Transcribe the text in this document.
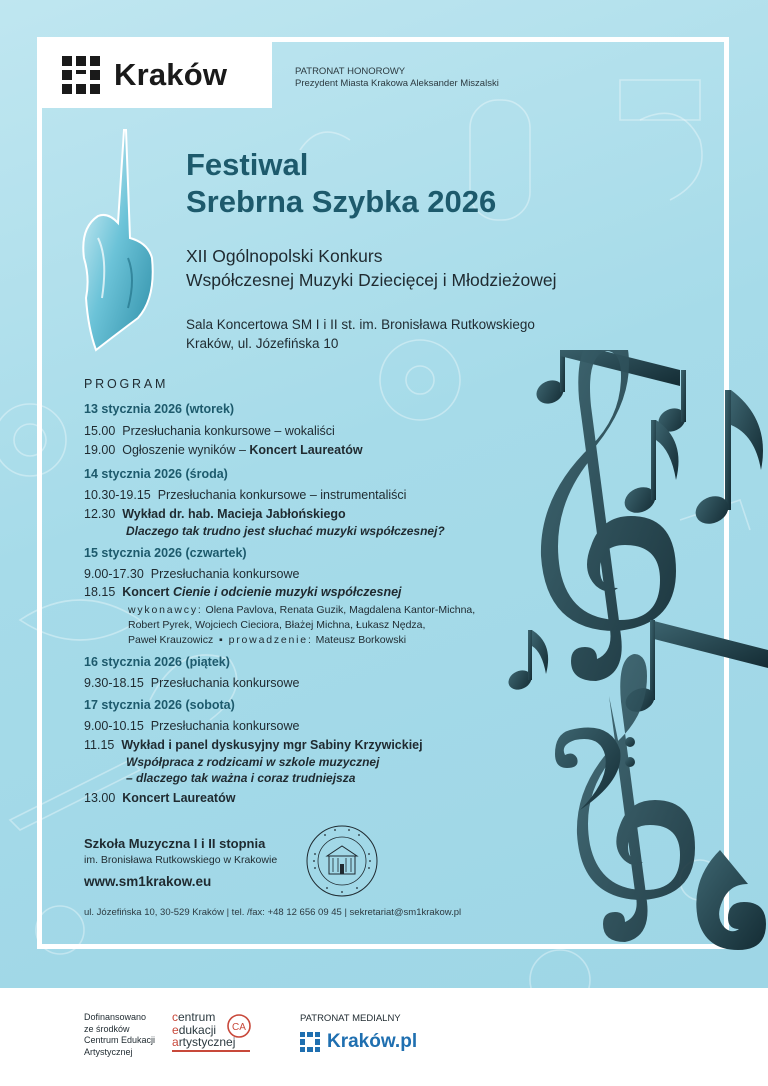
Kraków	PATRONAT HONOROWY
Prezydent Miasta Krakowa Aleksander Miszalski
Festiwal
Srebrna Szybka 2026
XII Ogólnopolski Konkurs
Współczesnej Muzyki Dziecięcej i Młodzieżowej
Sala Koncertowa SM I i II st. im. Bronisława Rutkowskiego
Kraków, ul. Józefińska 10
PROGRAM
13 stycznia 2026 (wtorek)
15.00 Przesłuchania konkursowe – wokaliści
19.00 Ogłoszenie wyników – Koncert Laureatów
14 stycznia 2026 (środa)
10.30-19.15 Przesłuchania konkursowe – instrumentaliści
12.30 Wykład dr. hab. Macieja Jabłońskiego
Dlaczego tak trudno jest słuchać muzyki współczesnej?
15 stycznia 2026 (czwartek)
9.00-17.30 Przesłuchania konkursowe
18.15 Koncert Cienie i odcienie muzyki współczesnej
wykonawcy: Olena Pavlova, Renata Guzik, Magdalena Kantor-Michna,
Robert Pyrek, Wojciech Cieciora, Błażej Michna, Łukasz Nędza,
Paweł Krauzowicz  ▪  prowadzenie: Mateusz Borkowski
16 stycznia 2026 (piątek)
9.30-18.15 Przesłuchania konkursowe
17 stycznia 2026 (sobota)
9.00-10.15 Przesłuchania konkursowe
11.15 Wykład i panel dyskusyjny mgr Sabiny Krzywickiej
Współpraca z rodzicami w szkole muzycznej
– dlaczego tak ważna i coraz trudniejsza
13.00 Koncert Laureatów
Szkoła Muzyczna I i II stopnia
im. Bronisława Rutkowskiego w Krakowie
www.sm1krakow.eu
ul. Józefińska 10, 30-529 Kraków | tel. /fax: +48 12 656 09 45 | sekretariat@sm1krakow.pl
Dofinansowano
ze środków
Centrum Edukacji
Artystycznej
centrum
edukacji
artystycznej
CA
PATRONAT MEDIALNY
Kraków.pl
